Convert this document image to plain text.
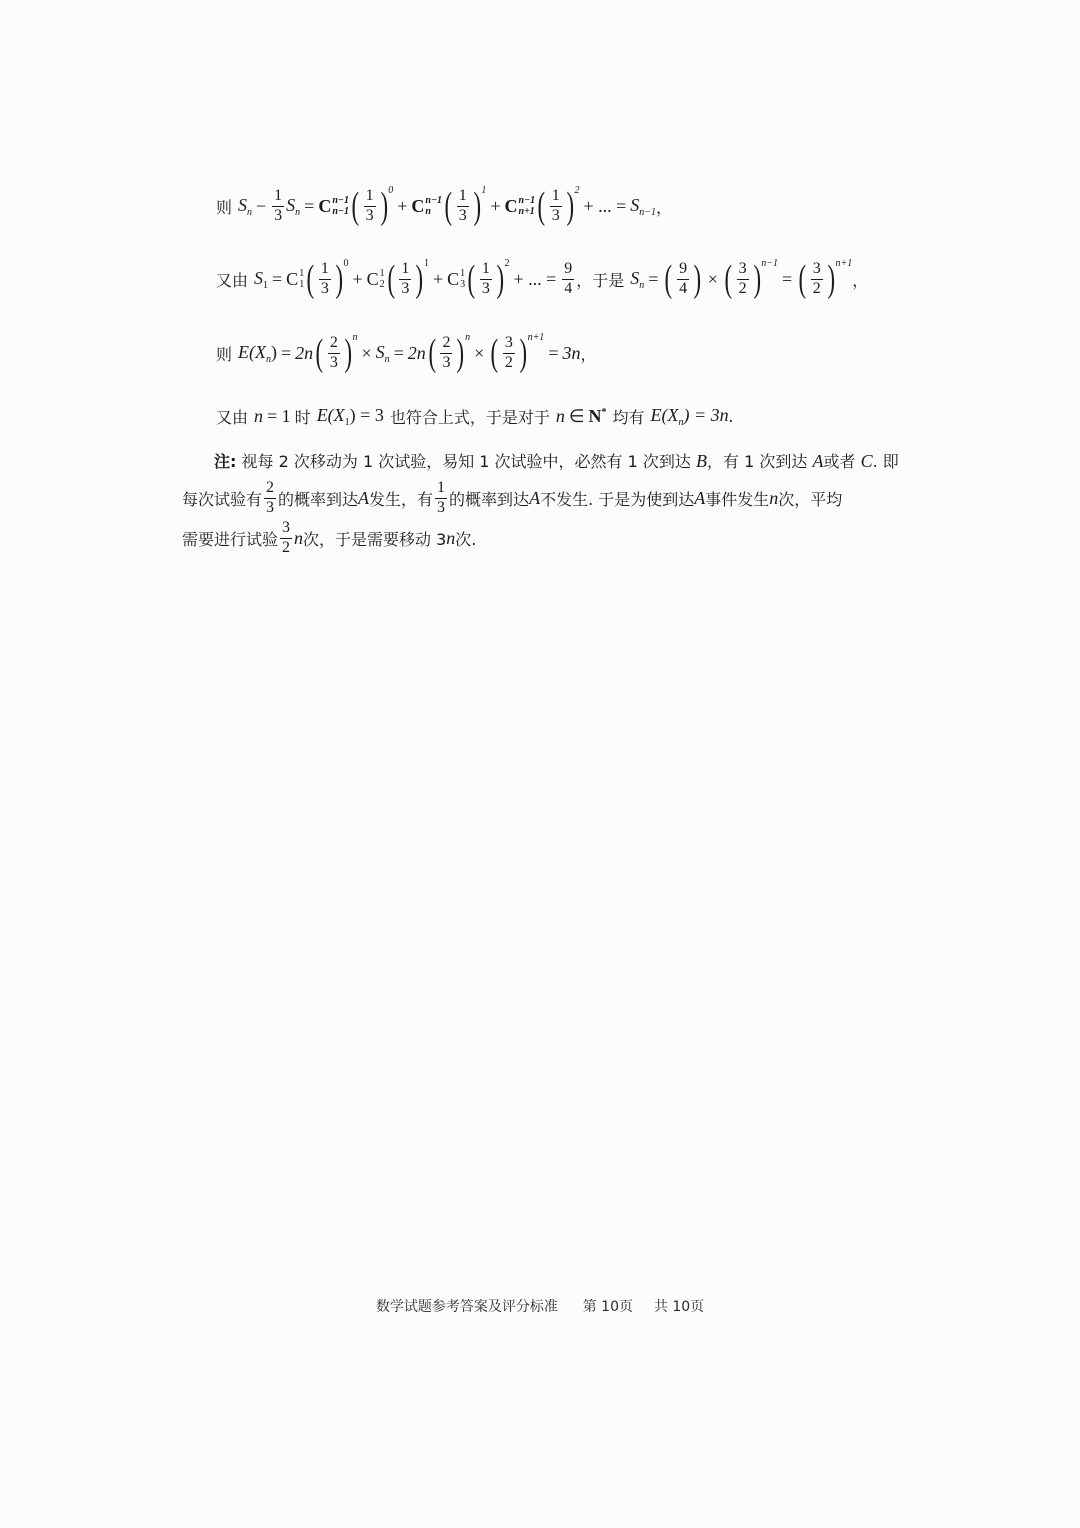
则 $S_n - \frac{1}{3} S_n = C$ n−1
n−1 ( $\frac{1}{3}$ ) 0
+ C n−1
n ( $\frac{1}{3}$ ) 1
+ C n−1
n+1 ( $\frac{1}{3}$ ) 2
+ ... = $S_{n-1}$ ，
又由 $S_1 = C$ 1
1 ( $\frac{1}{3}$ ) 0
+ C 1
2 ( $\frac{1}{3}$ ) 1
+ C 1
3 ( $\frac{1}{3}$ ) 2
+ ... = $\frac{9}{4}$ ，于是 $S_n$ = ( $\frac{9}{4}$ ) × ( $\frac{3}{2}$ ) n−1
= ( $\frac{3}{2}$ ) n+1
，
则 $E(X_n) = 2n$ ( $\frac{2}{3}$ ) n
× $S_n = 2n$ ( $\frac{2}{3}$ ) n
× ( $\frac{3}{2}$ ) n+1
= 3n ，
又由 n = 1 时 $E(X_1) = 3$ 也符合上式，于是对于 n ∈ N* 均有 $E(X_n) = 3n$ .
注: 视每 2 次移动为 1 次试验，易知 1 次试验中，必然有 1 次到达 B，有 1 次到达 A或者 C. 即
每次试验有 $\frac{2}{3}$ 的概率到达 A 发生，有 $\frac{1}{3}$ 的概率到达 A 不发生. 于是为使到达 A 事件发生 n 次，平均
需要进行试验 $\frac{3}{2}$ n 次，于是需要移动 3 n 次.
数学试题参考答案及评分标准 第 10页 共 10页
